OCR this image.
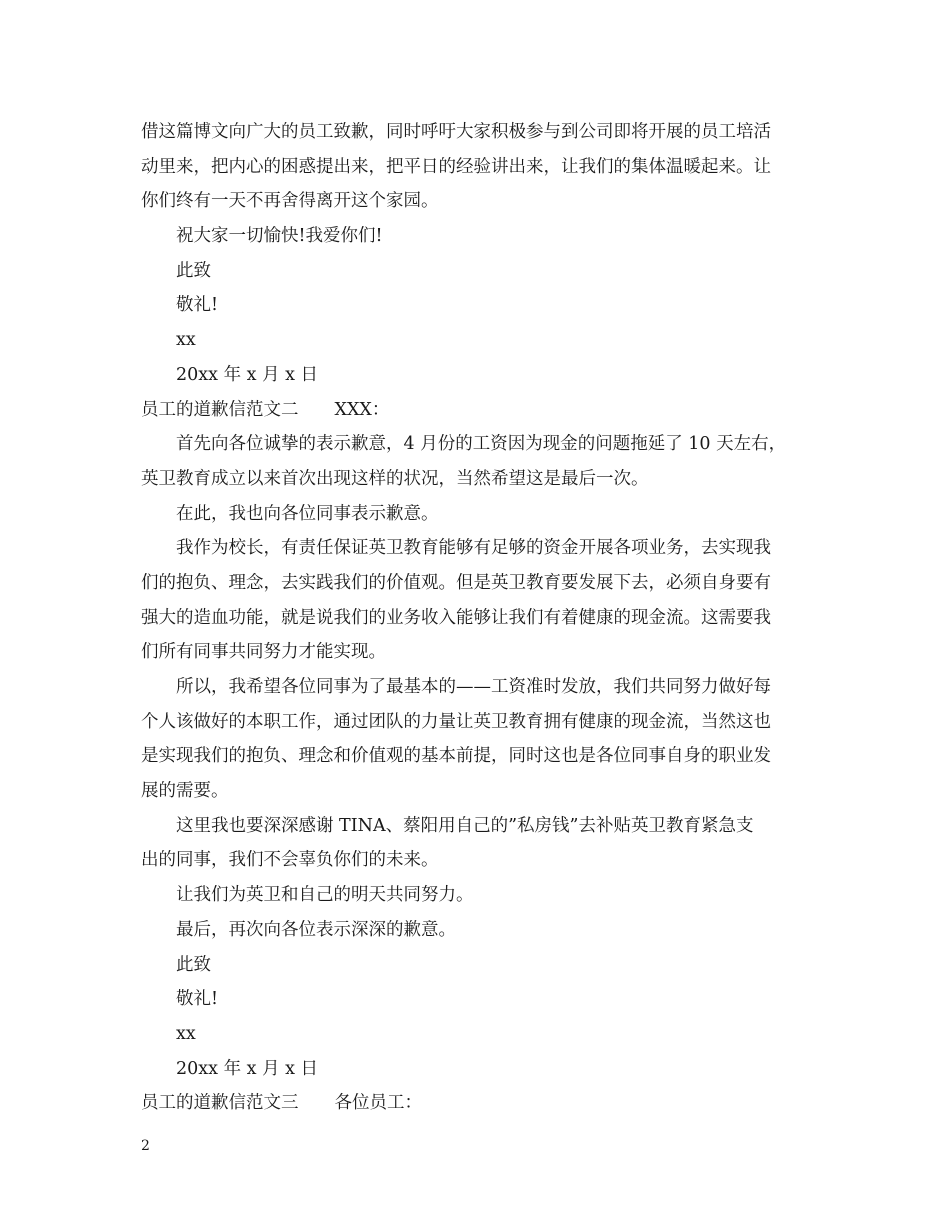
借这篇博文向广大的员工致歉，同时呼吁大家积极参与到公司即将开展的员工培活
动里来，把内心的困惑提出来，把平日的经验讲出来，让我们的集体温暖起来。让
你们终有一天不再舍得离开这个家园。
祝大家一切愉快!我爱你们!
此致
敬礼!
xx
20xx 年 x 月 x 日
员工的道歉信范文二 XXX：
首先向各位诚挚的表示歉意，4 月份的工资因为现金的问题拖延了 10 天左右，
英卫教育成立以来首次出现这样的状况，当然希望这是最后一次。
在此，我也向各位同事表示歉意。
我作为校长，有责任保证英卫教育能够有足够的资金开展各项业务，去实现我
们的抱负、理念，去实践我们的价值观。但是英卫教育要发展下去，必须自身要有
强大的造血功能，就是说我们的业务收入能够让我们有着健康的现金流。这需要我
们所有同事共同努力才能实现。
所以，我希望各位同事为了最基本的——工资准时发放，我们共同努力做好每
个人该做好的本职工作，通过团队的力量让英卫教育拥有健康的现金流，当然这也
是实现我们的抱负、理念和价值观的基本前提，同时这也是各位同事自身的职业发
展的需要。
这里我也要深深感谢 TINA、蔡阳用自己的”私房钱”去补贴英卫教育紧急支
出的同事，我们不会辜负你们的未来。
让我们为英卫和自己的明天共同努力。
最后，再次向各位表示深深的歉意。
此致
敬礼!
xx
20xx 年 x 月 x 日
员工的道歉信范文三 各位员工：
2
